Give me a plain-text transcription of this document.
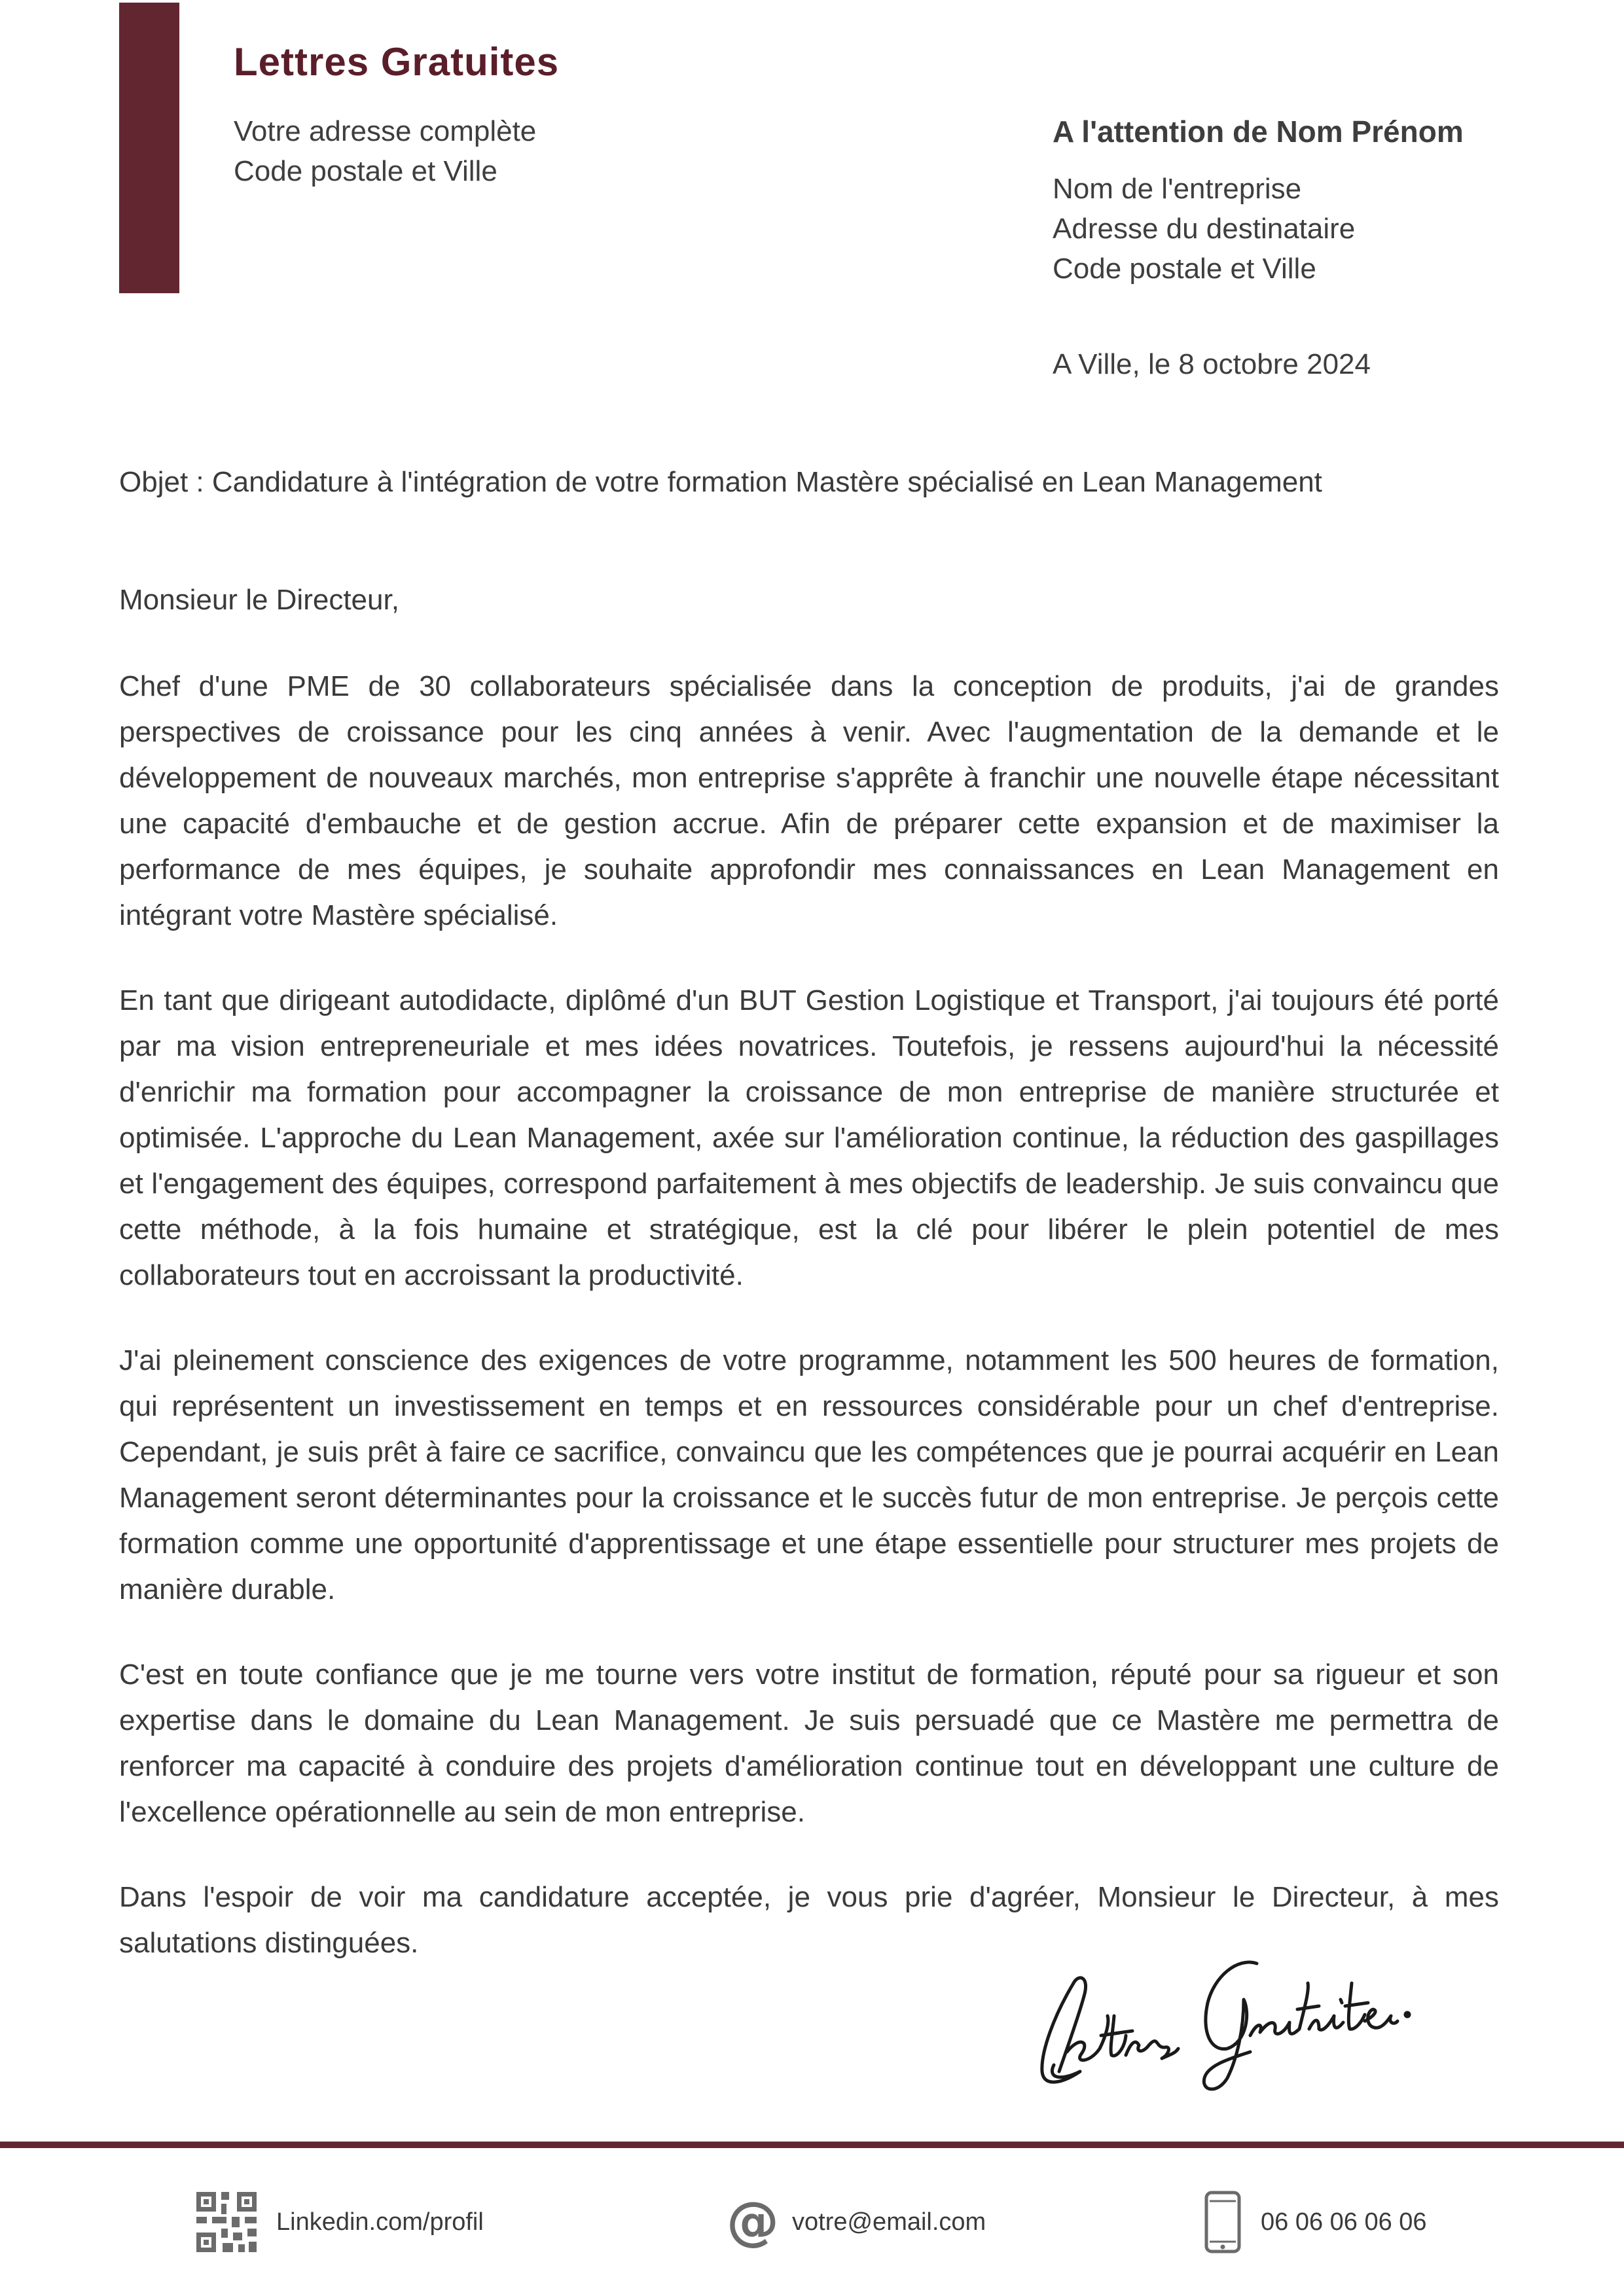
Lettres Gratuites
Votre adresse complète
Code postale et Ville
A l'attention de Nom Prénom
Nom de l'entreprise
Adresse du destinataire
Code postale et Ville
A Ville, le 8 octobre 2024
Objet : Candidature à l'intégration de votre formation Mastère spécialisé en Lean Management
Monsieur le Directeur,

Chef d'une PME de 30 collaborateurs spécialisée dans la conception de produits, j'ai de grandes perspectives de croissance pour les cinq années à venir. Avec l'augmentation de la demande et le développement de nouveaux marchés, mon entreprise s'apprête à franchir une nouvelle étape nécessitant une capacité d'embauche et de gestion accrue. Afin de préparer cette expansion et de maximiser la performance de mes équipes, je souhaite approfondir mes connaissances en Lean Management en intégrant votre Mastère spécialisé.

En tant que dirigeant autodidacte, diplômé d'un BUT Gestion Logistique et Transport, j'ai toujours été porté par ma vision entrepreneuriale et mes idées novatrices. Toutefois, je ressens aujourd'hui la nécessité d'enrichir ma formation pour accompagner la croissance de mon entreprise de manière structurée et optimisée. L'approche du Lean Management, axée sur l'amélioration continue, la réduction des gaspillages et l'engagement des équipes, correspond parfaitement à mes objectifs de leadership. Je suis convaincu que cette méthode, à la fois humaine et stratégique, est la clé pour libérer le plein potentiel de mes collaborateurs tout en accroissant la productivité.

J'ai pleinement conscience des exigences de votre programme, notamment les 500 heures de formation, qui représentent un investissement en temps et en ressources considérable pour un chef d'entreprise. Cependant, je suis prêt à faire ce sacrifice, convaincu que les compétences que je pourrai acquérir en Lean Management seront déterminantes pour la croissance et le succès futur de mon entreprise. Je perçois cette formation comme une opportunité d'apprentissage et une étape essentielle pour structurer mes projets de manière durable.

C'est en toute confiance que je me tourne vers votre institut de formation, réputé pour sa rigueur et son expertise dans le domaine du Lean Management. Je suis persuadé que ce Mastère me permettra de renforcer ma capacité à conduire des projets d'amélioration continue tout en développant une culture de l'excellence opérationnelle au sein de mon entreprise.

Dans l'espoir de voir ma candidature acceptée, je vous prie d'agréer, Monsieur le Directeur, à mes salutations distinguées.

Linkedin.com/profil	@ votre@email.com	06 06 06 06 06
